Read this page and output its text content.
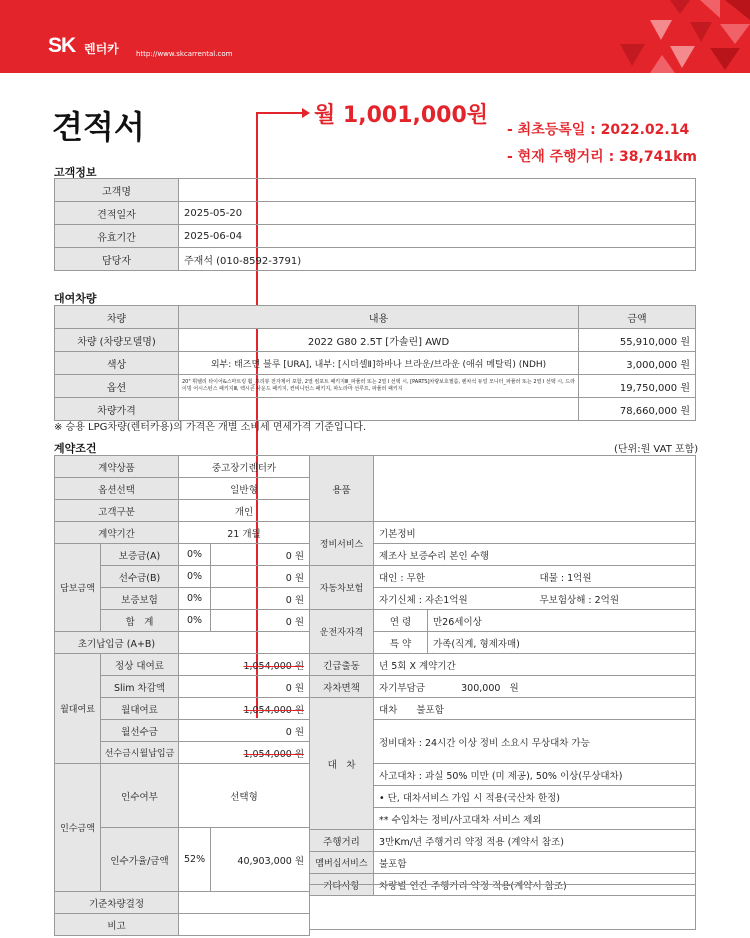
SK 렌터카 http://www.skcarrental.com
견적서	월 1,001,000원
- 최초등록일 : 2022.02.14
- 현재 주행거리 : 38,741km
고객정보
고객명	
견적일자	2025-05-20
유효기간	2025-06-04
담당자	주재석 (010-8592-3791)
대여차량
차량	내용	금액
차량 (차량모델명)	2022 G80 2.5T [가솔린] AWD	55,910,000 원
색상	외부: 태즈먼 블루 [URA], 내부: [시더셀Ⅱ]하바나 브라운/브라운 (애쉬 메탈릭) (NDH)	3,000,000 원
옵션	20" 휘텔리 타이어&스마트링 휠_프리뷰 전자제어 포함, 2열 컴포트 패키지Ⅲ_파퓰러 또는 2열 Ⅰ 선택 시, [PARTS]차량보호필름, 렌차석 듀얼 모니터_파퓰러 또는 2열 Ⅰ 선택 시, 드라이빙 어시스턴스 패키지Ⅲ, 렉시콘 사운드 패키지, 컨비니언스 패키지, 파노라마 선루프, 파퓰러 패키지	19,750,000 원
차량가격		78,660,000 원
※ 승용 LPG차량(렌터카용)의 가격은 개별 소비세 면세가격 기준입니다.
계약조건	(단위:원 VAT 포함)
계약상품		중고장기렌터카	
옵션선택		일반형	
고객구분		개인	
계약기간		21 개월	
담보금액	보증금(A)	0%	0 원
	선수금(B)	0%	0 원
	보증보험	0%	0 원
	합　계	0%	0 원
초기납입금 (A+B)			
월대여료	정상 대여료	1,054,000 원	
	Slim 차감액	0 원	
	월대여료	1,054,000 원	
	월선수금	0 원	
	선수금시월납입금	1,054,000 원	
인수금액	인수여부	선택형	
	인수가율/금액	52%	40,903,000 원
기준차량결정			
비고			
용품		

정비서비스	기본정비	
	제조사 보증수리 본인 수행	
자동차보험	대인 : 무한 대물 : 1억원	

	자기신체 : 자손1억원 무보험상해 : 2억원	

운전자자격	연 령	만26세이상
	특 약	가족(직계, 형제자매)
긴급출동	년 5회 X 계약기간	
자차면책	자기부담금            300,000   원	
대　차	대차　　불포함	
	정비대차 : 24시간 이상 정비 소요시 무상대차 가능	
	사고대차 : 과실 50% 미만 (미 제공), 50% 이상(무상대차)	
	• 단, 대차서비스 가입 시 적용(국산차 한정)	
	** 수입차는 정비/사고대차 서비스 제외	
주행거리	3만Km/년 주행거리 약정 적용 (계약서 참조)	
멤버십서비스	불포함	
기타사항	차량별 연간 주행거리 약정 적용(계약서 참조)	
